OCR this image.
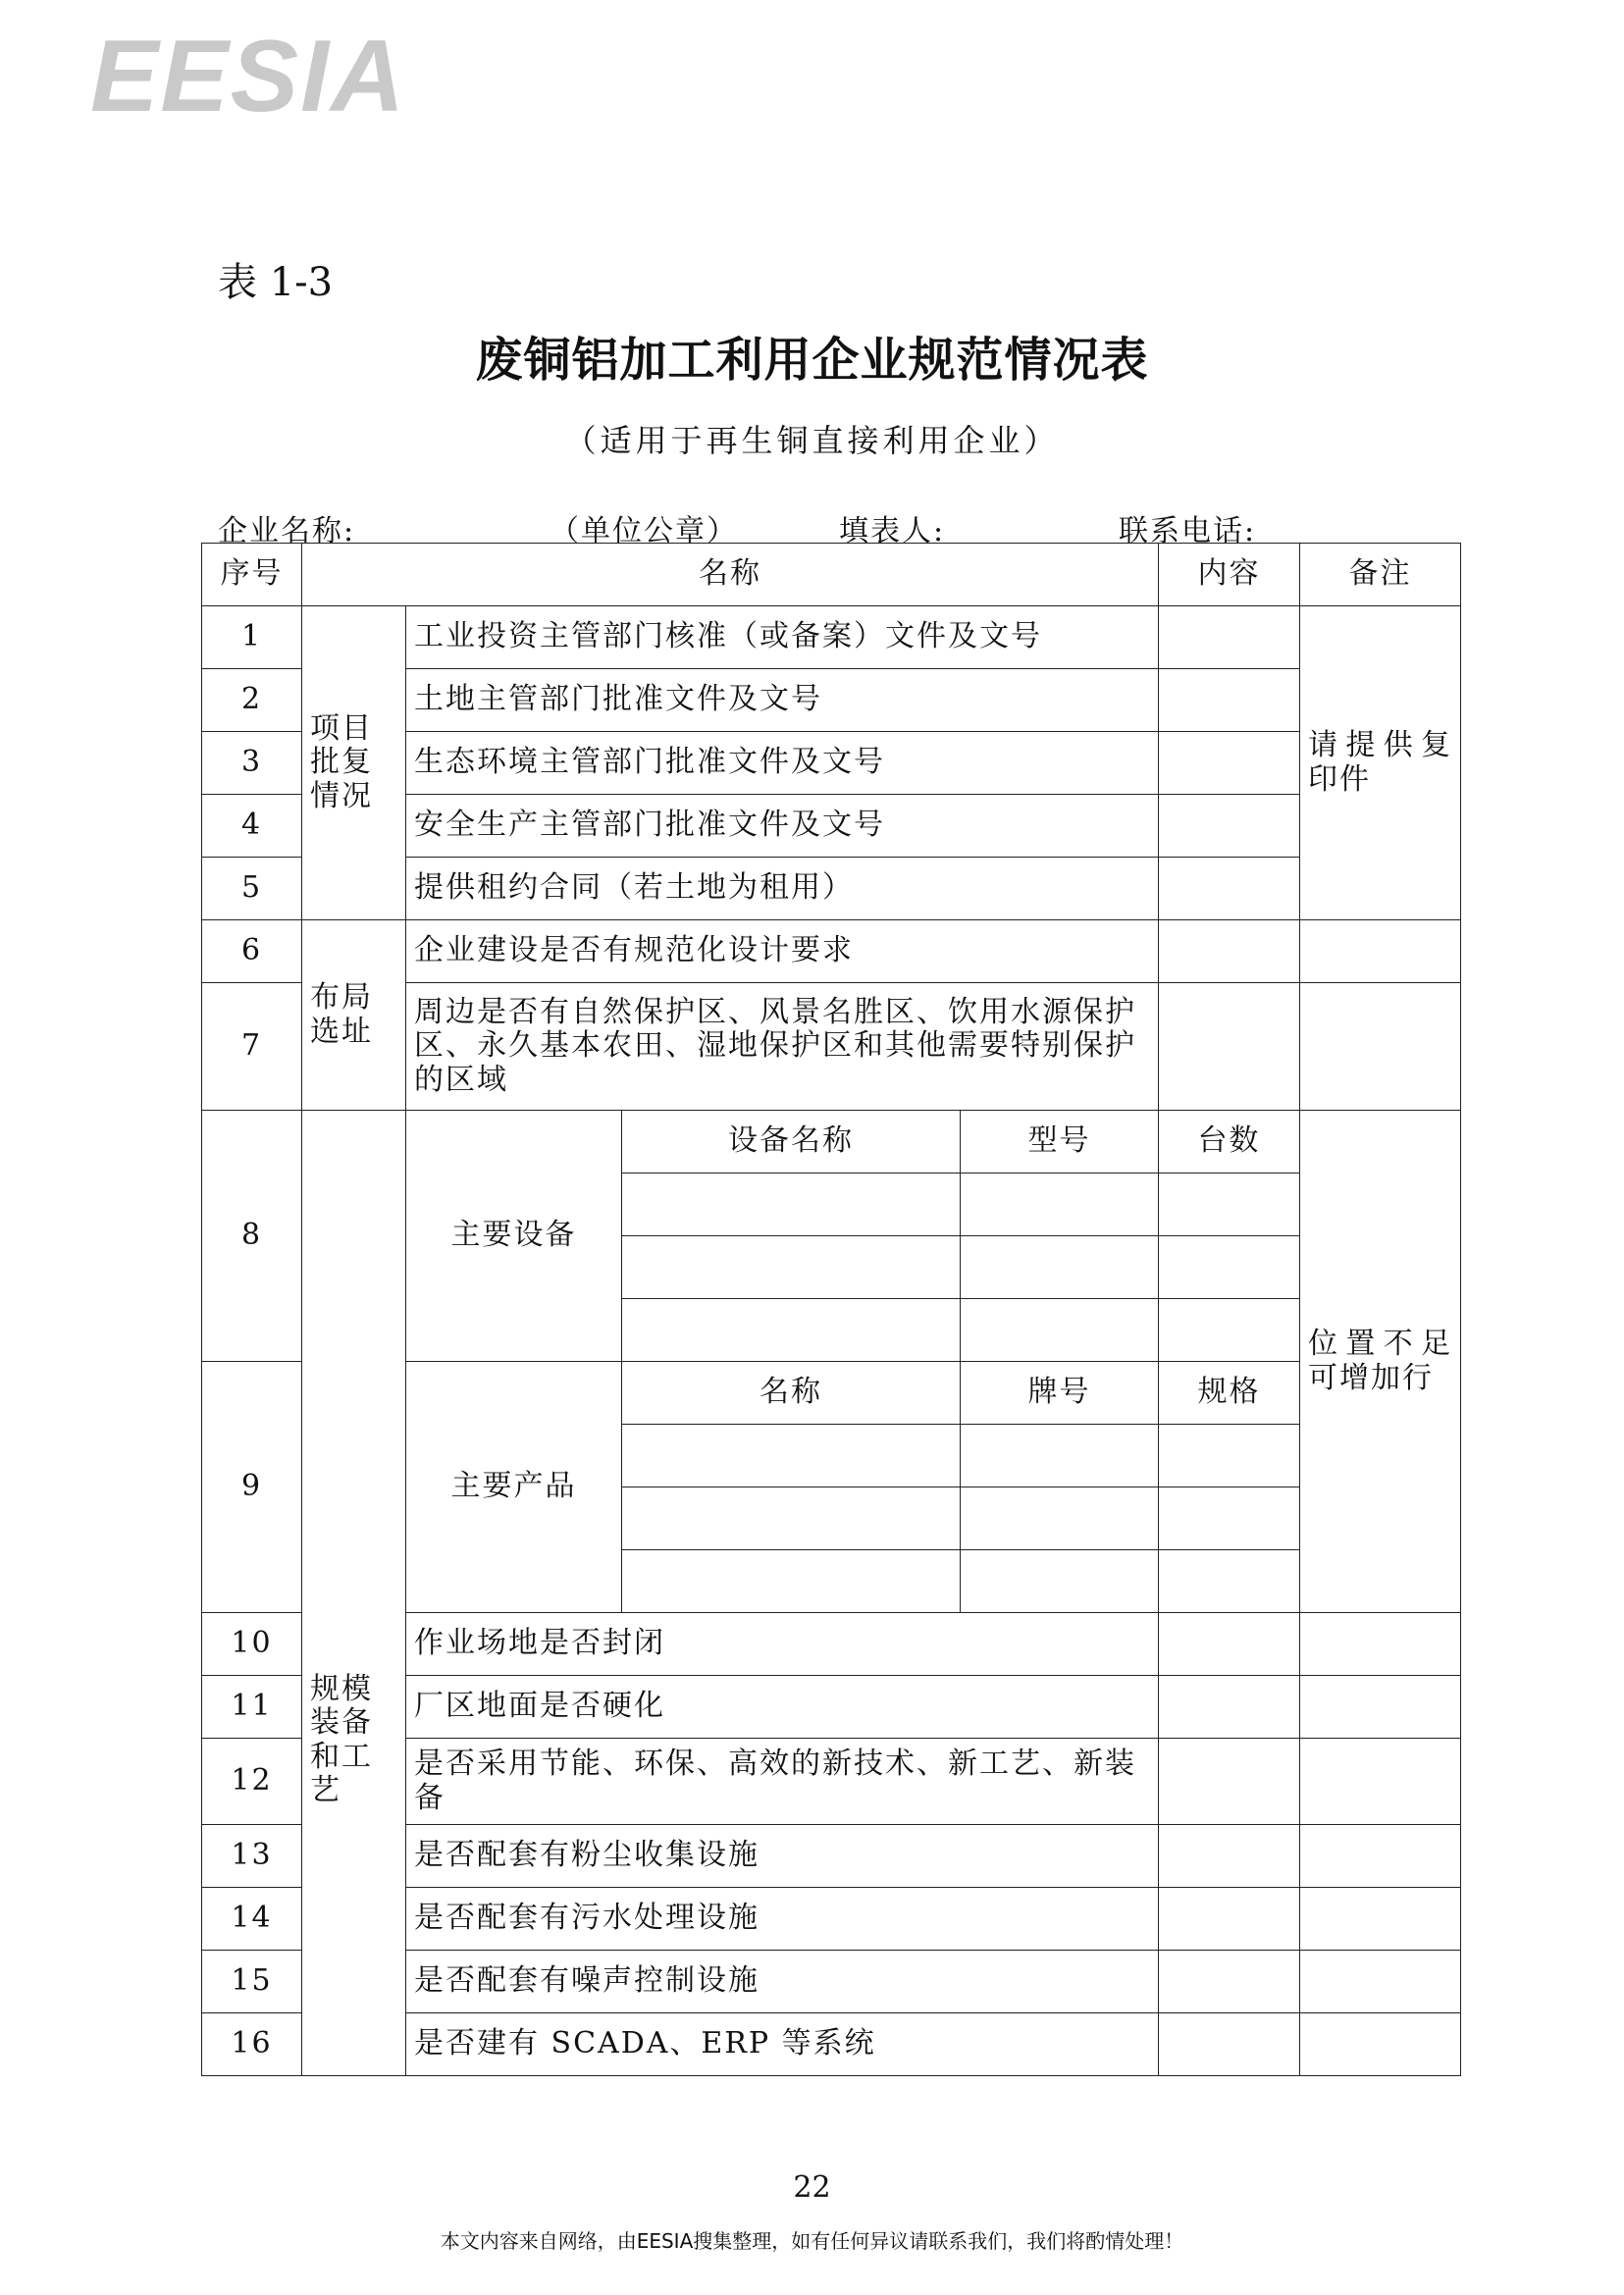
EESIA
表 1-3
废铜铝加工利用企业规范情况表
（适用于再生铜直接利用企业）
企业名称:	（单位公章）	填表人:	联系电话:
序号	名称				内容	备注
1	项目批复情况	工业投资主管部门核准（或备案）文件及文号				请提供复印件
2		土地主管部门批准文件及文号				
3		生态环境主管部门批准文件及文号				
4		安全生产主管部门批准文件及文号				
5		提供租约合同（若土地为租用）				
6	布局选址	企业建设是否有规范化设计要求				
7		周边是否有自然保护区、风景名胜区、饮用水源保护区、永久基本农田、湿地保护区和其他需要特别保护的区域				
8	规模装备和工艺	主要设备	设备名称	型号	台数	位置不足可增加行

9		主要产品	名称	牌号	规格	

10		作业场地是否封闭				
11		厂区地面是否硬化				
12		是否采用节能、环保、高效的新技术、新工艺、新装备				
13		是否配套有粉尘收集设施				
14		是否配套有污水处理设施				
15		是否配套有噪声控制设施				
16		是否建有 SCADA、ERP 等系统				
22
本文内容来自网络，由EESIA搜集整理，如有任何异议请联系我们，我们将酌情处理！
